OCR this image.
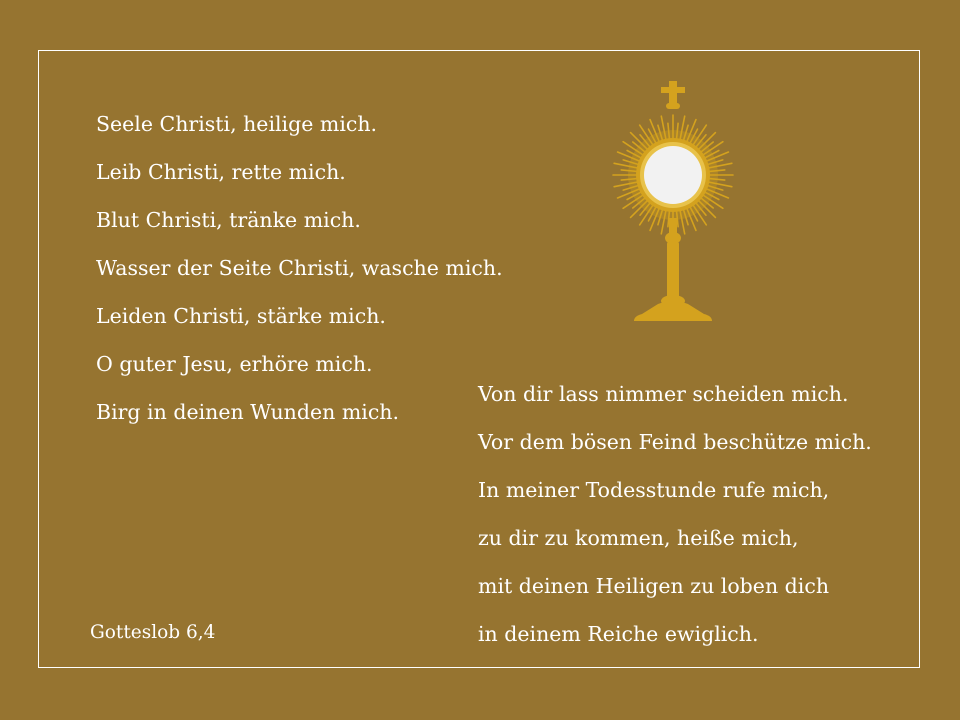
Seele Christi, heilige mich.
Leib Christi, rette mich.
Blut Christi, tränke mich.
Wasser der Seite Christi, wasche mich.
Leiden Christi, stärke mich.
O guter Jesu, erhöre mich.
Birg in deinen Wunden mich.
Von dir lass nimmer scheiden mich.
Vor dem bösen Feind beschütze mich.
In meiner Todesstunde rufe mich,
zu dir zu kommen, heiße mich,
mit deinen Heiligen zu loben dich
in deinem Reiche ewiglich.
Gotteslob 6,4
